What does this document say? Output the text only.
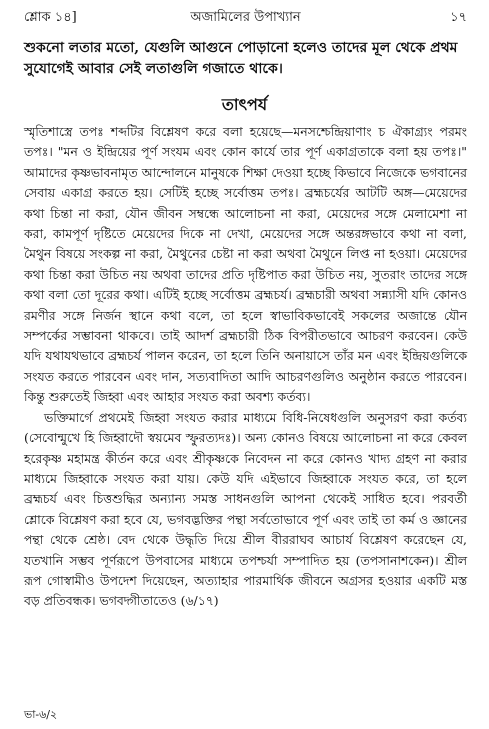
শ্লোক ১৪]	অজামিলের উপাখ্যান	১৭
শুকনো লতার মতো, যেগুলি আগুনে পোড়ানো হলেও তাদের মূল থেকে প্রথম সুযোগেই আবার সেই লতাগুলি গজাতে থাকে।
তাৎপর্য

স্মৃতিশাস্ত্রে তপঃ শব্দটির বিশ্লেষণ করে বলা হয়েছে—মনসশ্চেন্দ্রিয়াণাং চ ঐকাগ্র্যং পরমং তপঃ। "মন ও ইন্দ্রিয়ের পূর্ণ সংযম এবং কোন কার্যে তার পূর্ণ একাগ্রতাকে বলা হয় তপঃ।" আমাদের কৃষ্ণভাবনামৃত আন্দোলনে মানুষকে শিক্ষা দেওয়া হচ্ছে কিভাবে নিজেকে ভগবানের সেবায় একাগ্র করতে হয়। সেটিই হচ্ছে সর্বোত্তম তপঃ। ব্রহ্মচর্যের আটটি অঙ্গ—মেয়েদের কথা চিন্তা না করা, যৌন জীবন সম্বন্ধে আলোচনা না করা, মেয়েদের সঙ্গে মেলামেশা না করা, কামপূর্ণ দৃষ্টিতে মেয়েদের দিকে না দেখা, মেয়েদের সঙ্গে অন্তরঙ্গভাবে কথা না বলা, মৈথুন বিষয়ে সংকল্প না করা, মৈথুনের চেষ্টা না করা অথবা মৈথুনে লিপ্ত না হওয়া। মেয়েদের কথা চিন্তা করা উচিত নয় অথবা তাদের প্রতি দৃষ্টিপাত করা উচিত নয়, সুতরাং তাদের সঙ্গে কথা বলা তো দূরের কথা। এটিই হচ্ছে সর্বোত্তম ব্রহ্মচর্য। ব্রহ্মচারী অথবা সন্ন্যাসী যদি কোনও রমণীর সঙ্গে নির্জন স্থানে কথা বলে, তা হলে স্বাভাবিকভাবেই সকলের অজান্তে যৌন সম্পর্কের সম্ভাবনা থাকবে। তাই আদর্শ ব্রহ্মচারী ঠিক বিপরীতভাবে আচরণ করবেন। কেউ যদি যথাযথভাবে ব্রহ্মচর্য পালন করেন, তা হলে তিনি অনায়াসে তাঁর মন এবং ইন্দ্রিয়গুলিকে সংযত করতে পারবেন এবং দান, সত্যবাদিতা আদি আচরণগুলিও অনুষ্ঠান করতে পারবেন। কিন্তু শুরুতেই জিহ্বা এবং আহার সংযত করা অবশ্য কর্তব্য।

ভক্তিমার্গে প্রথমেই জিহ্বা সংযত করার মাধ্যমে বিধি-নিষেধগুলি অনুসরণ করা কর্তব্য (সেবোন্মুখে হি জিহ্বাদৌ স্বয়মেব স্ফুরত্যদঃ)। অন্য কোনও বিষয়ে আলোচনা না করে কেবল হরেকৃষ্ণ মহামন্ত্র কীর্তন করে এবং শ্রীকৃষ্ণকে নিবেদন না করে কোনও খাদ্য গ্রহণ না করার মাধ্যমে জিহ্বাকে সংযত করা যায়। কেউ যদি এইভাবে জিহ্বাকে সংযত করে, তা হলে ব্রহ্মচর্য এবং চিত্তশুদ্ধির অন্যান্য সমস্ত সাধনগুলি আপনা থেকেই সাধিত হবে। পরবর্তী শ্লোকে বিশ্লেষণ করা হবে যে, ভগবদ্ভক্তির পন্থা সর্বতোভাবে পূর্ণ এবং তাই তা কর্ম ও জ্ঞানের পন্থা থেকে শ্রেষ্ঠ। বেদ থেকে উদ্ধৃতি দিয়ে শ্রীল বীররাঘব আচার্য বিশ্লেষণ করেছেন যে, যতখানি সম্ভব পূর্ণরূপে উপবাসের মাধ্যমে তপশ্চর্যা সম্পাদিত হয় (তপসানাশকেন)। শ্রীল রূপ গোস্বামীও উপদেশ দিয়েছেন, অত্যাহার পারমার্থিক জীবনে অগ্রসর হওয়ার একটি মস্ত বড় প্রতিবন্ধক। ভগবদ্গীতাতেও (৬/১৭)

ভা-৬/২
